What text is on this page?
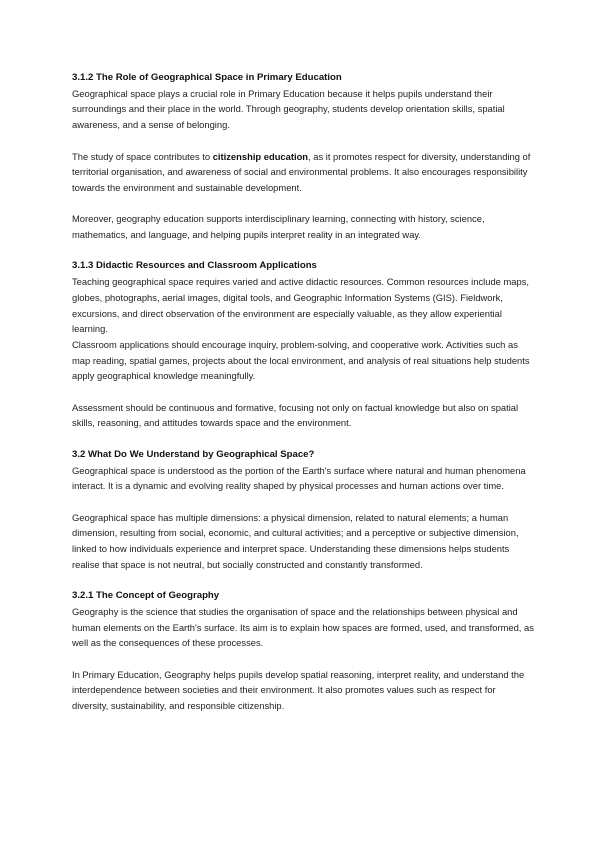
3.1.2 The Role of Geographical Space in Primary Education

Geographical space plays a crucial role in Primary Education because it helps pupils understand their surroundings and their place in the world. Through geography, students develop orientation skills, spatial awareness, and a sense of belonging.

The study of space contributes to citizenship education, as it promotes respect for diversity, understanding of territorial organisation, and awareness of social and environmental problems. It also encourages responsibility towards the environment and sustainable development.

Moreover, geography education supports interdisciplinary learning, connecting with history, science, mathematics, and language, and helping pupils interpret reality in an integrated way.

3.1.3 Didactic Resources and Classroom Applications

Teaching geographical space requires varied and active didactic resources. Common resources include maps, globes, photographs, aerial images, digital tools, and Geographic Information Systems (GIS). Fieldwork, excursions, and direct observation of the environment are especially valuable, as they allow experiential learning.

Classroom applications should encourage inquiry, problem-solving, and cooperative work. Activities such as map reading, spatial games, projects about the local environment, and analysis of real situations help students apply geographical knowledge meaningfully.

Assessment should be continuous and formative, focusing not only on factual knowledge but also on spatial skills, reasoning, and attitudes towards space and the environment.

3.2 What Do We Understand by Geographical Space?

Geographical space is understood as the portion of the Earth's surface where natural and human phenomena interact. It is a dynamic and evolving reality shaped by physical processes and human actions over time.

Geographical space has multiple dimensions: a physical dimension, related to natural elements; a human dimension, resulting from social, economic, and cultural activities; and a perceptive or subjective dimension, linked to how individuals experience and interpret space. Understanding these dimensions helps students realise that space is not neutral, but socially constructed and constantly transformed.

3.2.1 The Concept of Geography

Geography is the science that studies the organisation of space and the relationships between physical and human elements on the Earth's surface. Its aim is to explain how spaces are formed, used, and transformed, as well as the consequences of these processes.

In Primary Education, Geography helps pupils develop spatial reasoning, interpret reality, and understand the interdependence between societies and their environment. It also promotes values such as respect for diversity, sustainability, and responsible citizenship.
